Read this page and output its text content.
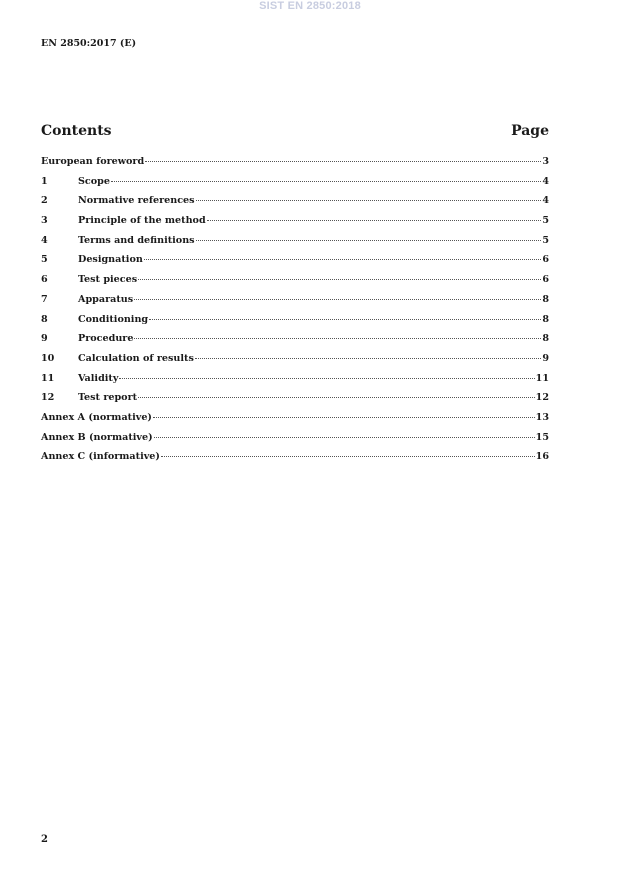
SIST EN 2850:2018
EN 2850:2017 (E)
Contents	Page
European foreword	3
1	Scope	4
2	Normative references	4
3	Principle of the method	5
4	Terms and definitions	5
5	Designation	6
6	Test pieces	6
7	Apparatus	8
8	Conditioning	8
9	Procedure	8
10	Calculation of results	9
11	Validity	11
12	Test report	12
Annex A (normative)	13
Annex B (normative)	15
Annex C (informative)	16
2
